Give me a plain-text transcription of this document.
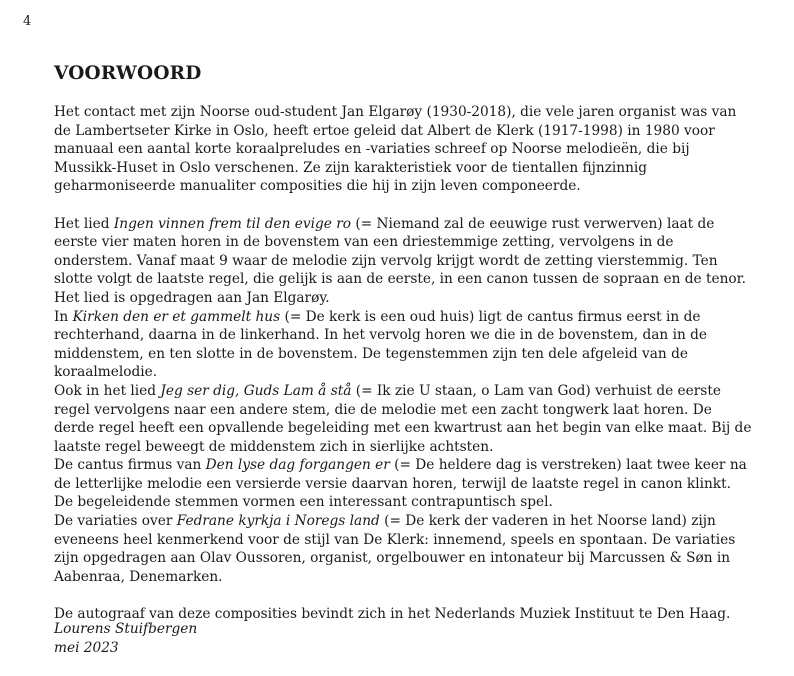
4
VOORWOORD

Het contact met zijn Noorse oud-student Jan Elgarøy (1930-2018), die vele jaren organist was van de Lambertseter Kirke in Oslo, heeft ertoe geleid dat Albert de Klerk (1917-1998) in 1980 voor manuaal een aantal korte koraalpreludes en -variaties schreef op Noorse melodieën, die bij Mussikk-Huset in Oslo verschenen. Ze zijn karakteristiek voor de tientallen fijnzinnig geharmoniseerde manualiter composities die hij in zijn leven componeerde.

Het lied Ingen vinnen frem til den evige ro (= Niemand zal de eeuwige rust verwerven) laat de eerste vier maten horen in de bovenstem van een driestemmige zetting, vervolgens in de onderstem. Vanaf maat 9 waar de melodie zijn vervolg krijgt wordt de zetting vierstemmig. Ten slotte volgt de laatste regel, die gelijk is aan de eerste, in een canon tussen de sopraan en de tenor. Het lied is opgedragen aan Jan Elgarøy.

In Kirken den er et gammelt hus (= De kerk is een oud huis) ligt de cantus firmus eerst in de rechterhand, daarna in de linkerhand. In het vervolg horen we die in de bovenstem, dan in de middenstem, en ten slotte in de bovenstem. De tegenstemmen zijn ten dele afgeleid van de koraalmelodie.

Ook in het lied Jeg ser dig, Guds Lam å stå (= Ik zie U staan, o Lam van God) verhuist de eerste regel vervolgens naar een andere stem, die de melodie met een zacht tongwerk laat horen. De derde regel heeft een opvallende begeleiding met een kwartrust aan het begin van elke maat. Bij de laatste regel beweegt de middenstem zich in sierlijke achtsten.

De cantus firmus van Den lyse dag forgangen er (= De heldere dag is verstreken) laat twee keer na de letterlijke melodie een versierde versie daarvan horen, terwijl de laatste regel in canon klinkt. De begeleidende stemmen vormen een interessant contrapuntisch spel.

De variaties over Fedrane kyrkja i Noregs land (= De kerk der vaderen in het Noorse land) zijn eveneens heel kenmerkend voor de stijl van De Klerk: innemend, speels en spontaan. De variaties zijn opgedragen aan Olav Oussoren, organist, orgelbouwer en intonateur bij Marcussen & Søn in Aabenraa, Denemarken.

De autograaf van deze composities bevindt zich in het Nederlands Muziek Instituut te Den Haag.

Lourens Stuifbergen
mei 2023
